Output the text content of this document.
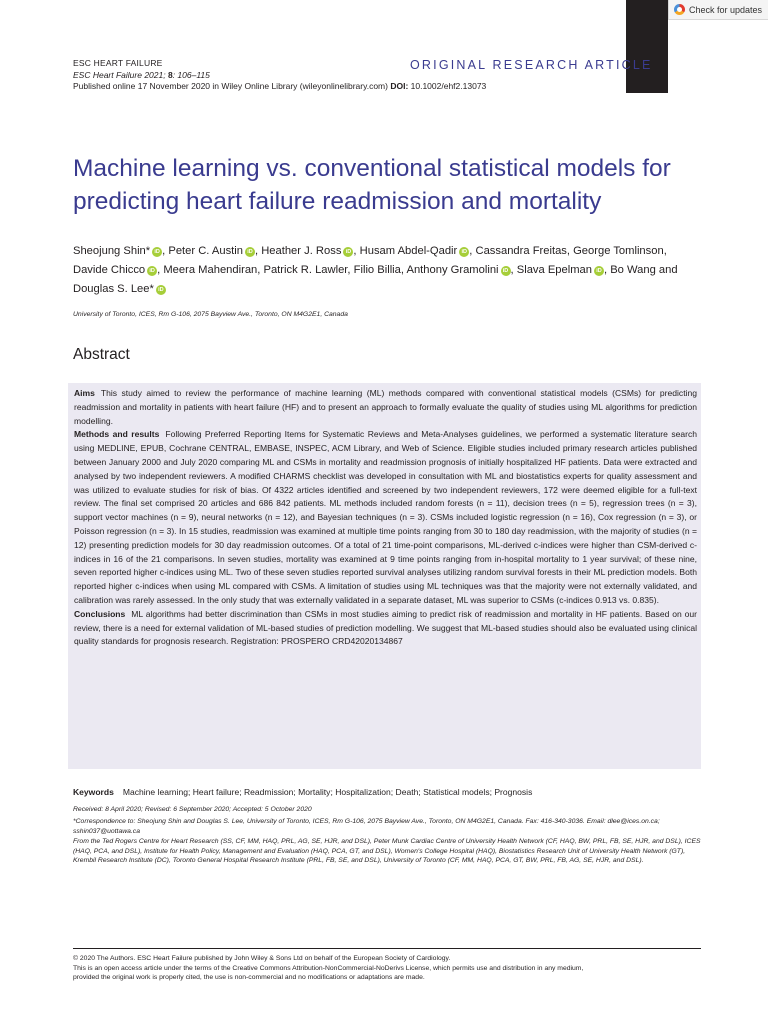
Check for updates
ESC HEART FAILURE
ESC Heart Failure 2021; 8: 106–115
Published online 17 November 2020 in Wiley Online Library (wileyonlinelibrary.com) DOI: 10.1002/ehf2.13073
ORIGINAL RESEARCH ARTICLE
Machine learning vs. conventional statistical models for predicting heart failure readmission and mortality
Sheojung Shin* iD , Peter C. Austin iD , Heather J. Ross iD , Husam Abdel-Qadir iD , Cassandra Freitas, George Tomlinson, Davide Chicco iD , Meera Mahendiran, Patrick R. Lawler, Filio Billia, Anthony Gramolini iD , Slava Epelman iD , Bo Wang and Douglas S. Lee* iD
University of Toronto, ICES, Rm G-106, 2075 Bayview Ave., Toronto, ON M4G2E1, Canada
Abstract

Aims This study aimed to review the performance of machine learning (ML) methods compared with conventional statistical models (CSMs) for predicting readmission and mortality in patients with heart failure (HF) and to present an approach to formally evaluate the quality of studies using ML algorithms for prediction modelling.

Methods and results Following Preferred Reporting Items for Systematic Reviews and Meta-Analyses guidelines, we performed a systematic literature search using MEDLINE, EPUB, Cochrane CENTRAL, EMBASE, INSPEC, ACM Library, and Web of Science. Eligible studies included primary research articles published between January 2000 and July 2020 comparing ML and CSMs in mortality and readmission prognosis of initially hospitalized HF patients. Data were extracted and analysed by two independent reviewers. A modified CHARMS checklist was developed in consultation with ML and biostatistics experts for quality assessment and was utilized to evaluate studies for risk of bias. Of 4322 articles identified and screened by two independent reviewers, 172 were deemed eligible for a full-text review. The final set comprised 20 articles and 686 842 patients. ML methods included random forests (n = 11), decision trees (n = 5), regression trees (n = 3), support vector machines (n = 9), neural networks (n = 12), and Bayesian techniques (n = 3). CSMs included logistic regression (n = 16), Cox regression (n = 3), or Poisson regression (n = 3). In 15 studies, readmission was examined at multiple time points ranging from 30 to 180 day readmission, with the majority of studies (n = 12) presenting prediction models for 30 day readmission outcomes. Of a total of 21 time-point comparisons, ML-derived c-indices were higher than CSM-derived c-indices in 16 of the 21 comparisons. In seven studies, mortality was examined at 9 time points ranging from in-hospital mortality to 1 year survival; of these nine, seven reported higher c-indices using ML. Two of these seven studies reported survival analyses utilizing random survival forests in their ML prediction models. Both reported higher c-indices when using ML compared with CSMs. A limitation of studies using ML techniques was that the majority were not externally validated, and calibration was rarely assessed. In the only study that was externally validated in a separate dataset, ML was superior to CSMs (c-indices 0.913 vs. 0.835).

Conclusions ML algorithms had better discrimination than CSMs in most studies aiming to predict risk of readmission and mortality in HF patients. Based on our review, there is a need for external validation of ML-based studies of prediction modelling. We suggest that ML-based studies should also be evaluated using clinical quality standards for prognosis research. Registration: PROSPERO CRD42020134867

Keywords Machine learning; Heart failure; Readmission; Mortality; Hospitalization; Death; Statistical models; Prognosis
Received: 8 April 2020; Revised: 6 September 2020; Accepted: 5 October 2020
*Correspondence to: Sheojung Shin and Douglas S. Lee, University of Toronto, ICES, Rm G-106, 2075 Bayview Ave., Toronto, ON M4G2E1, Canada. Fax: 416-340-3036. Email: dlee@ices.on.ca; sshin037@uottawa.ca
From the Ted Rogers Centre for Heart Research (SS, CF, MM, HAQ, PRL, AG, SE, HJR, and DSL), Peter Munk Cardiac Centre of University Health Network (CF, HAQ, BW, PRL, FB, SE, HJR, and DSL), ICES (HAQ, PCA, and DSL), Institute for Health Policy, Management and Evaluation (HAQ, PCA, GT, and DSL), Women's College Hospital (HAQ), Biostatistics Research Unit of University Health Network (GT), Krembil Research Institute (DC), Toronto General Hospital Research Institute (PRL, FB, SE, and DSL), University of Toronto (CF, MM, HAQ, PCA, GT, BW, PRL, FB, AG, SE, HJR, and DSL).
© 2020 The Authors. ESC Heart Failure published by John Wiley & Sons Ltd on behalf of the European Society of Cardiology.
This is an open access article under the terms of the Creative Commons Attribution-NonCommercial-NoDerivs License, which permits use and distribution in any medium,
provided the original work is properly cited, the use is non-commercial and no modifications or adaptations are made.
